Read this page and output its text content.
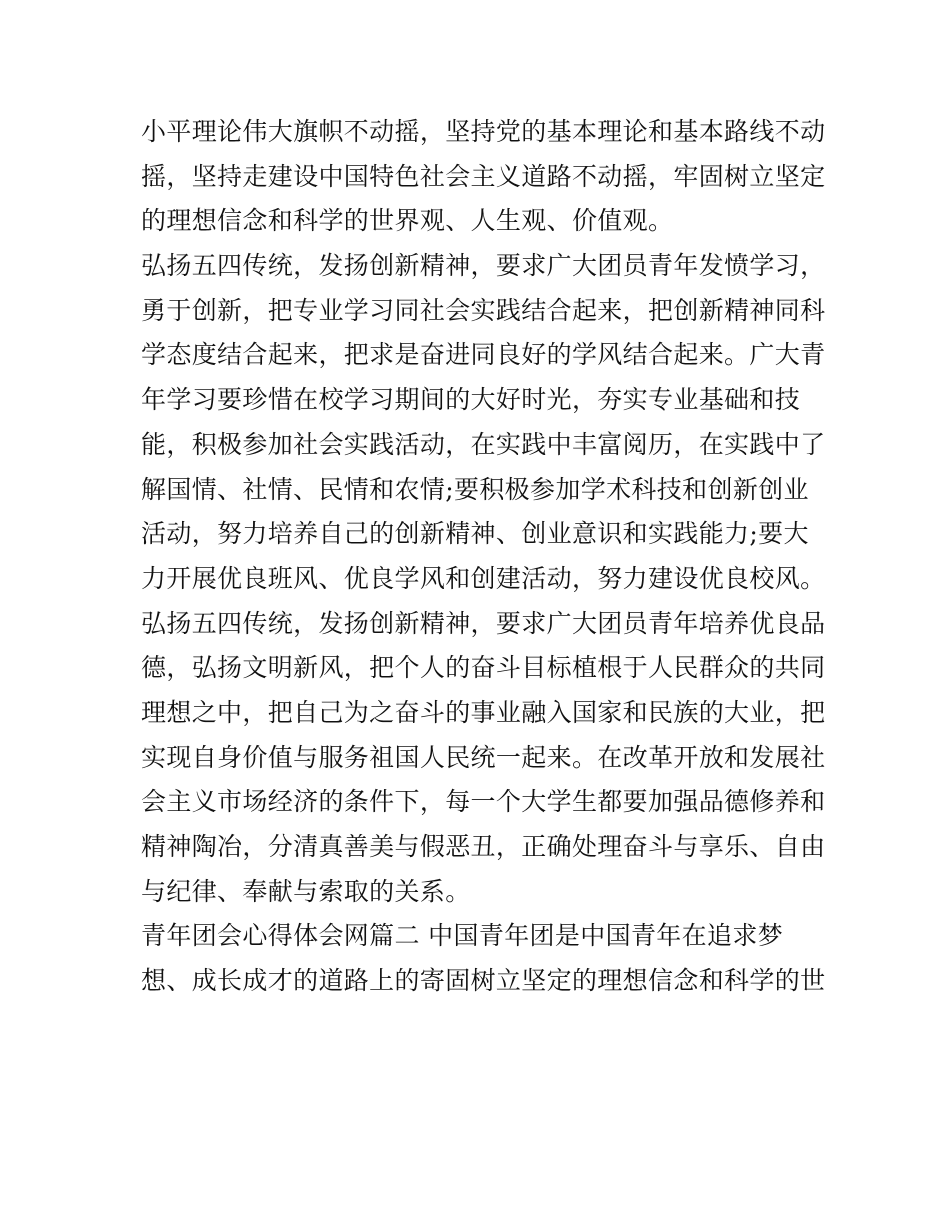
小平理论伟大旗帜不动摇，坚持党的基本理论和基本路线不动
摇，坚持走建设中国特色社会主义道路不动摇，牢固树立坚定
的理想信念和科学的世界观、人生观、价值观。
弘扬五四传统，发扬创新精神，要求广大团员青年发愤学习，
勇于创新，把专业学习同社会实践结合起来，把创新精神同科
学态度结合起来，把求是奋进同良好的学风结合起来。广大青
年学习要珍惜在校学习期间的大好时光，夯实专业基础和技
能，积极参加社会实践活动，在实践中丰富阅历，在实践中了
解国情、社情、民情和农情;要积极参加学术科技和创新创业
活动，努力培养自己的创新精神、创业意识和实践能力;要大
力开展优良班风、优良学风和创建活动，努力建设优良校风。
弘扬五四传统，发扬创新精神，要求广大团员青年培养优良品
德，弘扬文明新风，把个人的奋斗目标植根于人民群众的共同
理想之中，把自己为之奋斗的事业融入国家和民族的大业，把
实现自身价值与服务祖国人民统一起来。在改革开放和发展社
会主义市场经济的条件下，每一个大学生都要加强品德修养和
精神陶冶，分清真善美与假恶丑，正确处理奋斗与享乐、自由
与纪律、奉献与索取的关系。
青年团会心得体会网篇二 中国青年团是中国青年在追求梦
想、成长成才的道路上的寄固树立坚定的理想信念和科学的世
